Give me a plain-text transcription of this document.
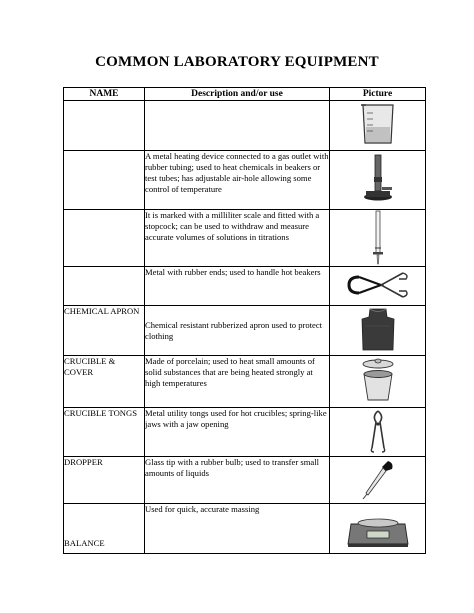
COMMON LABORATORY EQUIPMENT
NAME	Description and/or use	Picture

	A metal heating device connected to a gas outlet with rubber tubing; used to heat chemicals in beakers or test tubes; has adjustable air-hole allowing some control of temperature	

	It is marked with a milliliter scale and fitted with a stopcock; can be used to withdraw and measure accurate volumes of solutions in titrations	

	Metal with rubber ends; used to handle hot beakers	

CHEMICAL APRON	Chemical resistant rubberized apron used to protect clothing	

CRUCIBLE & COVER	Made of porcelain; used to heat small amounts of solid substances that are being heated strongly at high temperatures	

CRUCIBLE TONGS	Metal utility tongs used for hot crucibles; spring-like jaws with a jaw opening	

DROPPER	Glass tip with a rubber bulb; used to transfer small amounts of liquids	

BALANCE	Used for quick, accurate massing	
